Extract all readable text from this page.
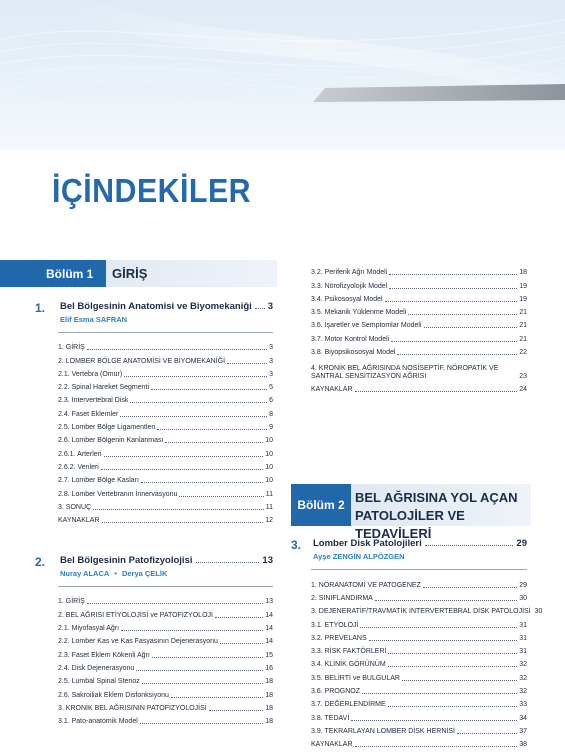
İÇİNDEKİLER
Bölüm 1	GİRİŞ
1. Bel Bölgesinin Anatomisi ve Biyomekaniği 3
Elif Esma SAFRAN
1. GİRİŞ	3
2. LOMBER BÖLGE ANATOMİSİ VE BİYOMEKANİĞİ	3
2.1. Vertebra (Omur)	3
2.2. Spinal Hareket Segmenti	5
2.3. Intervertebral Disk	6
2.4. Faset Eklemler	8
2.5. Lomber Bölge Ligamentleri	9
2.6. Lomber Bölgenin Kanlanması	10
2.6.1. Arterleri	10
2.6.2. Venleri	10
2.7. Lomber Bölge Kasları	10
2.8. Lomber Vertebranın İnnervasyonu	11
3. SONUÇ	11
KAYNAKLAR	12
2. Bel Bölgesinin Patofizyolojisi	13
Nuray ALACA • Derya ÇELİK
1. GİRİŞ	13
2. BEL AĞRISI ETİYOLOJİSİ ve PATOFİZYOLOJİ	14
2.1. Miyofasyal Ağrı	14
2.2. Lomber Kas ve Kas Fasyasının Dejenerasyonu	14
2.3. Faset Eklem Kökenli Ağrı	15
2.4. Disk Dejenerasyonu	16
2.5. Lumbal Spinal Stenoz	18
2.6. Sakroiliak Eklem Disfonksiyonu	18
3. KRONİK BEL AĞRISININ PATOFİZYOLOJİSİ	18
3.1. Pato-anatomik Model	18
3.2. Periferik Ağrı Modeli	18
3.3. Nörofizyolojik Model	19
3.4. Psikososyal Model	19
3.5. Mekanik Yüklenme Modeli	21
3.6. İşaretler ve Semptomlar Modeli	21
3.7. Motor Kontrol Modeli	21
3.8. Biyopsikososyal Model	22
4. KRONİK BEL AĞRISINDA NOSİSEPTİF, NÖROPATİK VE SANTRAL SENSİTİZASYON AĞRISI	23
KAYNAKLAR	24
Bölüm 2 BEL AĞRISINA YOL AÇAN
PATOLOJİLER VE TEDAVİLERİ
3. Lomber Disk Patolojileri	29
Ayşe ZENGİN ALPÖZGEN
1. NÖRANATOMİ VE PATOGENEZ	29
2. SINIFLANDIRMA	30
3. DEJENERATİF/TRAVMATİK İNTERVERTEBRAL DİSK PATOLOJİSİ 30
3.1. ETYOLOJİ	31
3.2. PREVELANS	31
3.3. RİSK FAKTÖRLERİ	31
3.4. KLİNİK GÖRÜNÜM	32
3.5. BELİRTİ ve BULGULAR	32
3.6. PROGNOZ	32
3.7. DEĞERLENDİRME	33
3.8. TEDAVİ	34
3.9. TEKRARLAYAN LOMBER DİSK HERNİSİ	37
KAYNAKLAR	38
